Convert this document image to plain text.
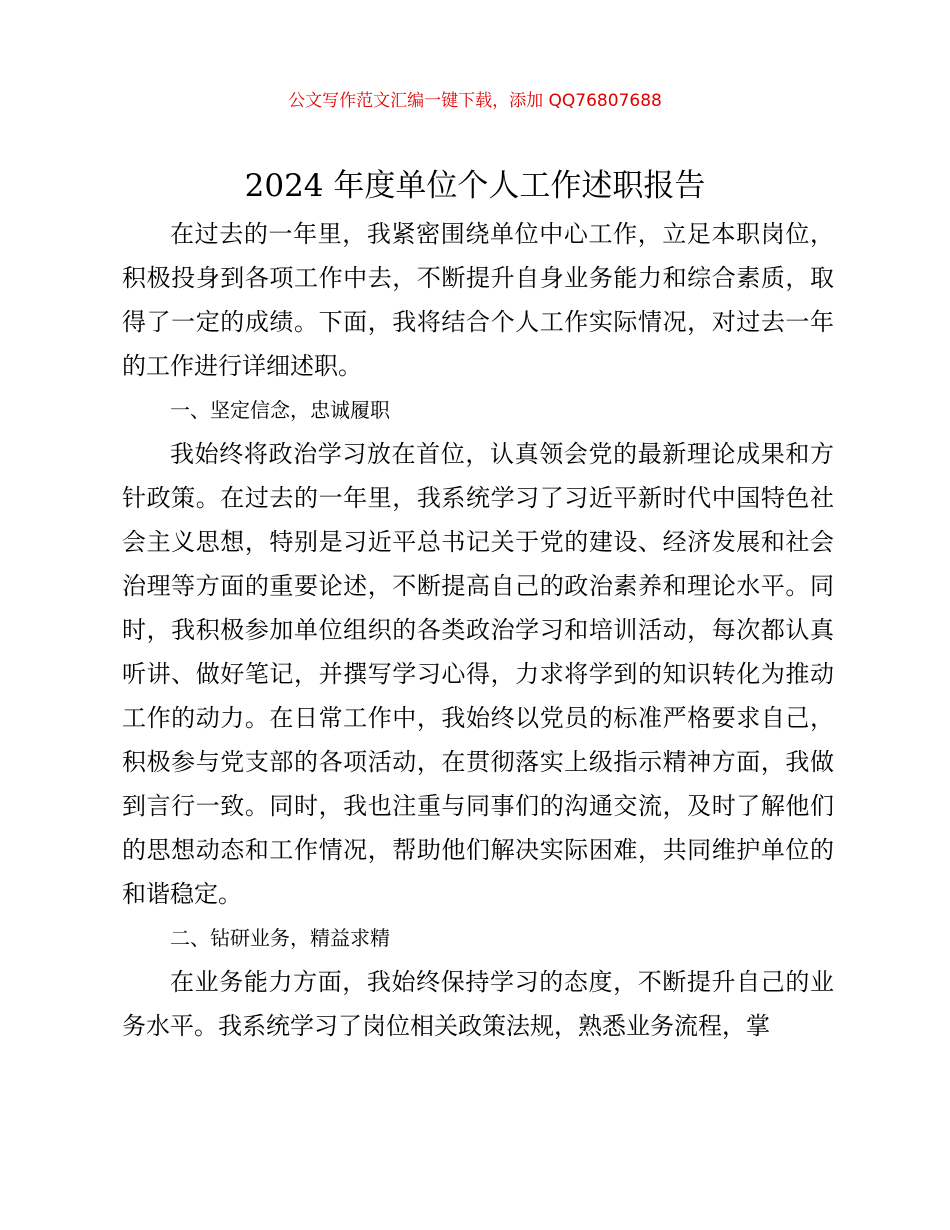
公文写作范文汇编一键下载，添加 QQ76807688
2024 年度单位个人工作述职报告

在过去的一年里，我紧密围绕单位中心工作，立足本职岗位，积极投身到各项工作中去，不断提升自身业务能力和综合素质，取得了一定的成绩。下面，我将结合个人工作实际情况，对过去一年的工作进行详细述职。

一、坚定信念，忠诚履职

我始终将政治学习放在首位，认真领会党的最新理论成果和方针政策。在过去的一年里，我系统学习了习近平新时代中国特色社会主义思想，特别是习近平总书记关于党的建设、经济发展和社会治理等方面的重要论述，不断提高自己的政治素养和理论水平。同时，我积极参加单位组织的各类政治学习和培训活动，每次都认真听讲、做好笔记，并撰写学习心得，力求将学到的知识转化为推动工作的动力。在日常工作中，我始终以党员的标准严格要求自己，积极参与党支部的各项活动，在贯彻落实上级指示精神方面，我做到言行一致。同时，我也注重与同事们的沟通交流，及时了解他们的思想动态和工作情况，帮助他们解决实际困难，共同维护单位的和谐稳定。

二、钻研业务，精益求精

在业务能力方面，我始终保持学习的态度，不断提升自己的业务水平。我系统学习了岗位相关政策法规，熟悉业务流程，掌
